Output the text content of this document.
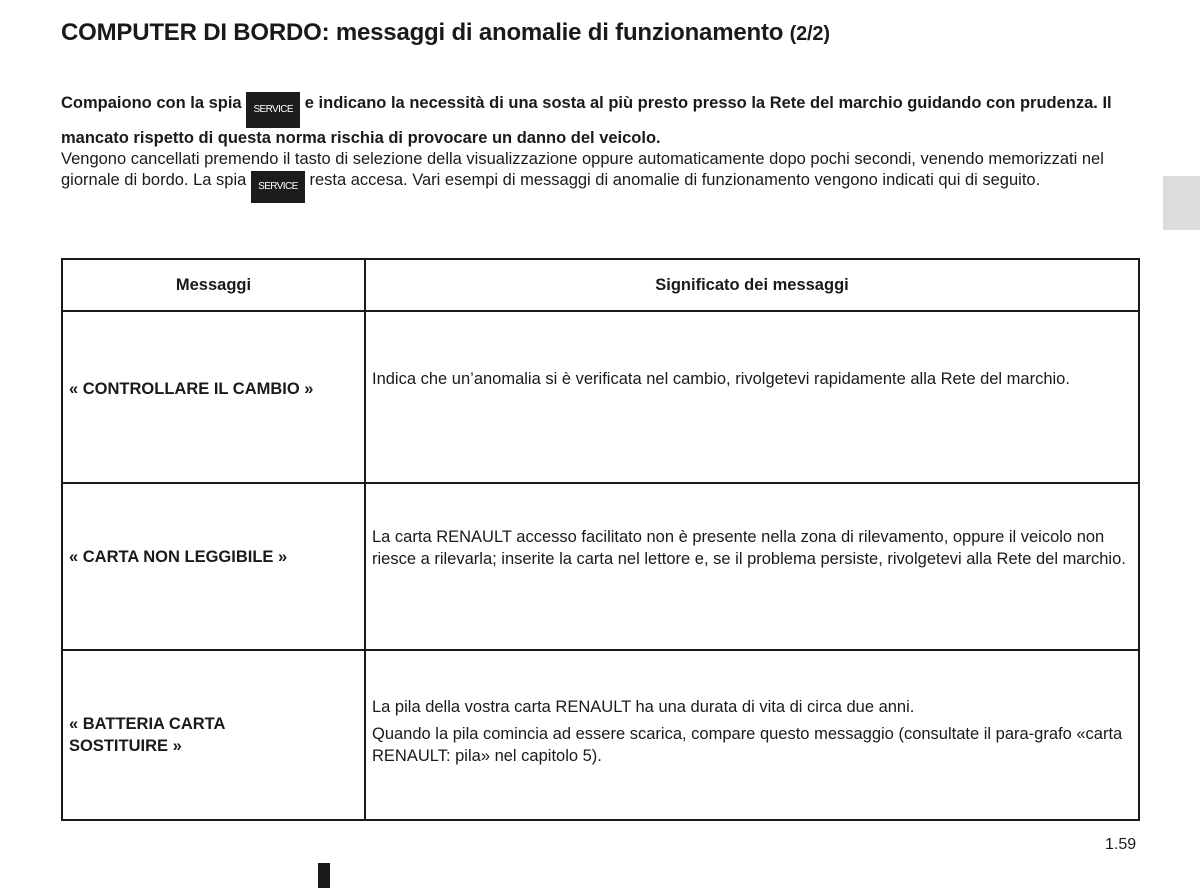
COMPUTER DI BORDO: messaggi di anomalie di funzionamento (2/2)
Compaiono con la spia SERVICE e indicano la necessità di una sosta al più presto presso la Rete del marchio guidando con prudenza. Il mancato rispetto di questa norma rischia di provocare un danno del veicolo.
Vengono cancellati premendo il tasto di selezione della visualizzazione oppure automaticamente dopo pochi secondi, venendo memorizzati nel giornale di bordo. La spia SERVICE resta accesa. Vari esempi di messaggi di anomalie di funzionamento vengono indicati qui di seguito.
Messaggi	Significato dei messaggi

« CONTROLLARE IL CAMBIO »	Indica che un’anomalia si è verificata nel cambio, rivolgetevi rapidamente alla Rete del marchio.

« CARTA NON LEGGIBILE »	La carta RENAULT accesso facilitato non è presente nella zona di rilevamento, oppure il veicolo non riesce a rilevarla; inserite la carta nel lettore e, se il problema persiste, rivolgetevi alla Rete del marchio.

« BATTERIA CARTA SOSTITUIRE »	La pila della vostra carta RENAULT ha una durata di vita di circa due anni.

Quando la pila comincia ad essere scarica, compare questo messaggio (consultate il para-grafo «carta RENAULT: pila» nel capitolo 5).

1.59
